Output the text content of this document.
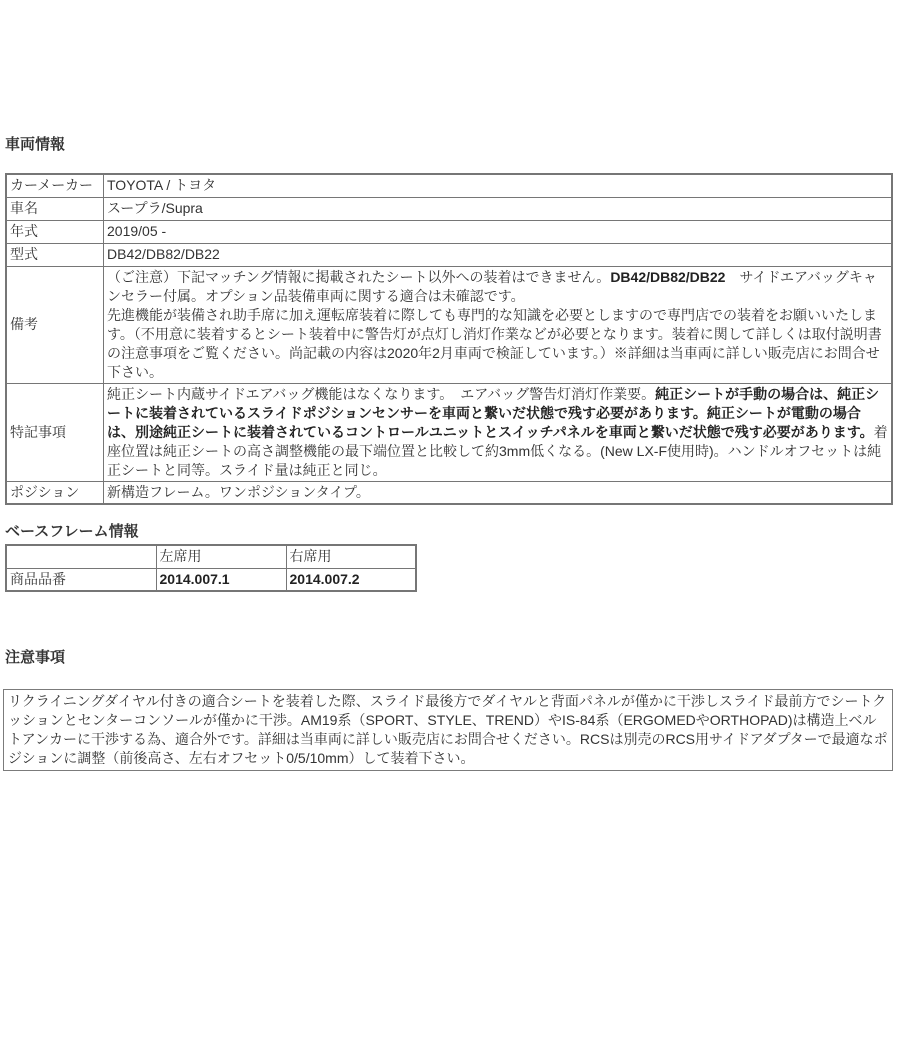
車両情報
カーメーカー	TOYOTA / トヨタ
車名	スープラ/Supra
年式	2019/05 -
型式	DB42/DB82/DB22
備考	（ご注意）下記マッチング情報に掲載されたシート以外への装着はできません。DB42/DB82/DB22　サイドエアバッグキャンセラー付属。オプション品装備車両に関する適合は未確認です。
先進機能が装備され助手席に加え運転席装着に際しても専門的な知識を必要としますので専門店での装着をお願いいたします。（不用意に装着するとシート装着中に警告灯が点灯し消灯作業などが必要となります。装着に関して詳しくは取付説明書の注意事項をご覧ください。尚記載の内容は2020年2月車両で検証しています。）※詳細は当車両に詳しい販売店にお問合せ下さい。
特記事項	純正シート内蔵サイドエアバッグ機能はなくなります。　エアバッグ警告灯消灯作業要。純正シートが手動の場合は、純正シートに装着されているスライドポジションセンサーを車両と繋いだ状態で残す必要があります。純正シートが電動の場合は、別途純正シートに装着されているコントロールユニットとスイッチパネルを車両と繋いだ状態で残す必要があります。着座位置は純正シートの高さ調整機能の最下端位置と比較して約3mm低くなる。(New LX-F使用時)。ハンドルオフセットは純正シートと同等。スライド量は純正と同じ。
ポジション	新構造フレーム。ワンポジションタイプ。
ベースフレーム情報
	左席用	右席用
商品品番	2014.007.1	2014.007.2
注意事項
リクライニングダイヤル付きの適合シートを装着した際、スライド最後方でダイヤルと背面パネルが僅かに干渉しスライド最前方でシートクッションとセンターコンソールが僅かに干渉。AM19系（SPORT、STYLE、TREND）やIS-84系（ERGOMEDやORTHOPAD)は構造上ベルトアンカーに干渉する為、適合外です。詳細は当車両に詳しい販売店にお問合せください。RCSは別売のRCS用サイドアダプターで最適なポジションに調整（前後高さ、左右オフセット0/5/10mm）して装着下さい。
